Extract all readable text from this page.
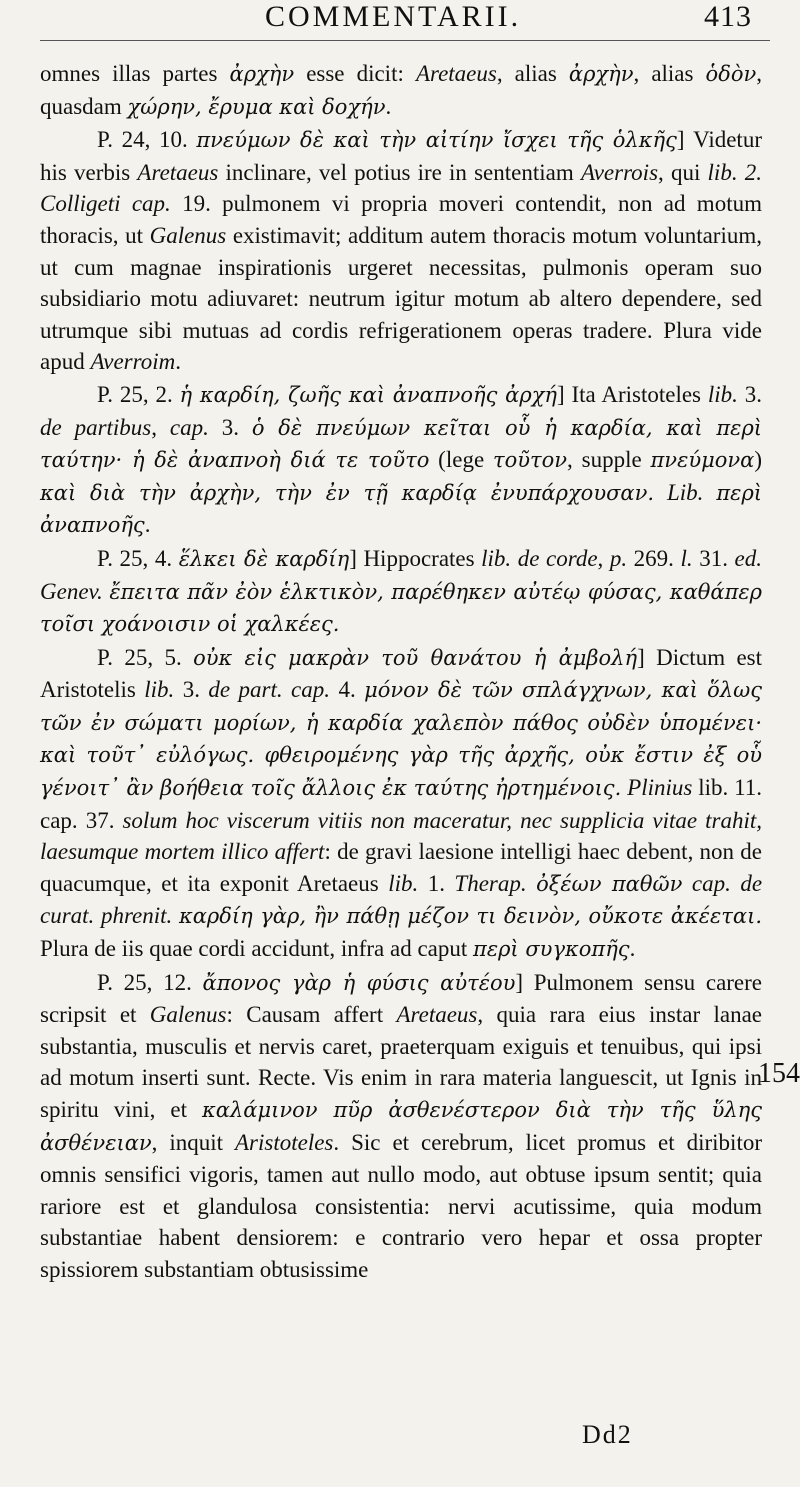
COMMENTARII.	413

omnes illas partes ἀρχὴν esse dicit: Aretaeus, alias ἀρχὴν, alias ὁδὸν, quasdam χώρην, ἔρυμα καὶ δοχήν.

P. 24, 10. πνεύμων δὲ καὶ τὴν αἰτίην ἴσχει τῆς ὁλκῆς] Videtur his verbis Aretaeus inclinare, vel potius ire in sententiam Averrois, qui lib. 2. Colligeti cap. 19. pulmonem vi propria moveri contendit, non ad motum thoracis, ut Galenus existimavit; additum autem thoracis motum voluntarium, ut cum magnae inspirationis urgeret necessitas, pulmonis operam suo subsidiario motu adiuvaret: neutrum igitur motum ab altero dependere, sed utrumque sibi mutuas ad cordis refrigerationem operas tradere. Plura vide apud Averroim.

P. 25, 2. ἡ καρδίη, ζωῆς καὶ ἀναπνοῆς ἀρχή] Ita Aristoteles lib. 3. de partibus, cap. 3. ὁ δὲ πνεύμων κεῖται οὗ ἡ καρδία, καὶ περὶ ταύτην· ἡ δὲ ἀναπνοὴ διά τε τοῦτο (lege τοῦτον, supple πνεύμονα) καὶ διὰ τὴν ἀρχὴν, τὴν ἐν τῇ καρδίᾳ ἐνυπάρχουσαν. Lib. περὶ ἀναπνοῆς.

P. 25, 4. ἕλκει δὲ καρδίη] Hippocrates lib. de corde, p. 269. l. 31. ed. Genev. ἔπειτα πᾶν ἐὸν ἑλκτικὸν, παρέθηκεν αὐτέῳ φύσας, καθάπερ τοῖσι χοάνοισιν οἱ χαλκέες.

P. 25, 5. οὐκ εἰς μακρὰν τοῦ θανάτου ἡ ἀμβολή] Dictum est Aristotelis lib. 3. de part. cap. 4. μόνον δὲ τῶν σπλάγχνων, καὶ ὅλως τῶν ἐν σώματι μορίων, ἡ καρδία χαλεπὸν πάθος οὐδὲν ὑπομένει· καὶ τοῦτ᾽ εὐλόγως. φθειρομένης γὰρ τῆς ἀρχῆς, οὐκ ἔστιν ἐξ οὗ γένοιτ᾽ ἂν βοήθεια τοῖς ἄλλοις ἐκ ταύτης ἠρτημένοις. Plinius lib. 11. cap. 37. solum hoc viscerum vitiis non maceratur, nec supplicia vitae trahit, laesumque mortem illico affert: de gravi laesione intelligi haec debent, non de quacumque, et ita exponit Aretaeus lib. 1. Therap. ὀξέων παθῶν cap. de curat. phrenit. καρδίη γὰρ, ἢν πάθῃ μέζον τι δεινὸν, οὔκοτε ἀκέεται. Plura de iis quae cordi accidunt, infra ad caput περὶ συγκοπῆς.

P. 25, 12. ἄπονος γὰρ ἡ φύσις αὐτέου] Pulmonem sensu carere scripsit et Galenus: Causam affert Aretaeus, quia rara eius instar lanae substantia, musculis et nervis caret, praeterquam exiguis et tenuibus, qui ipsi ad motum inserti sunt. Recte. Vis enim in rara materia languescit, ut Ignis in spiritu vini, et καλάμινον πῦρ ἀσθενέστερον διὰ τὴν τῆς ὕλης ἀσθένειαν, inquit Aristoteles. Sic et cerebrum, licet promus et diribitor omnis sensifici vigoris, tamen aut nullo modo, aut obtuse ipsum sentit; quia rariore est et glandulosa consistentia: nervi acutissime, quia modum substantiae habent densiorem: e contrario vero hepar et ossa propter spissiorem substantiam obtusissime

154
Dd2
